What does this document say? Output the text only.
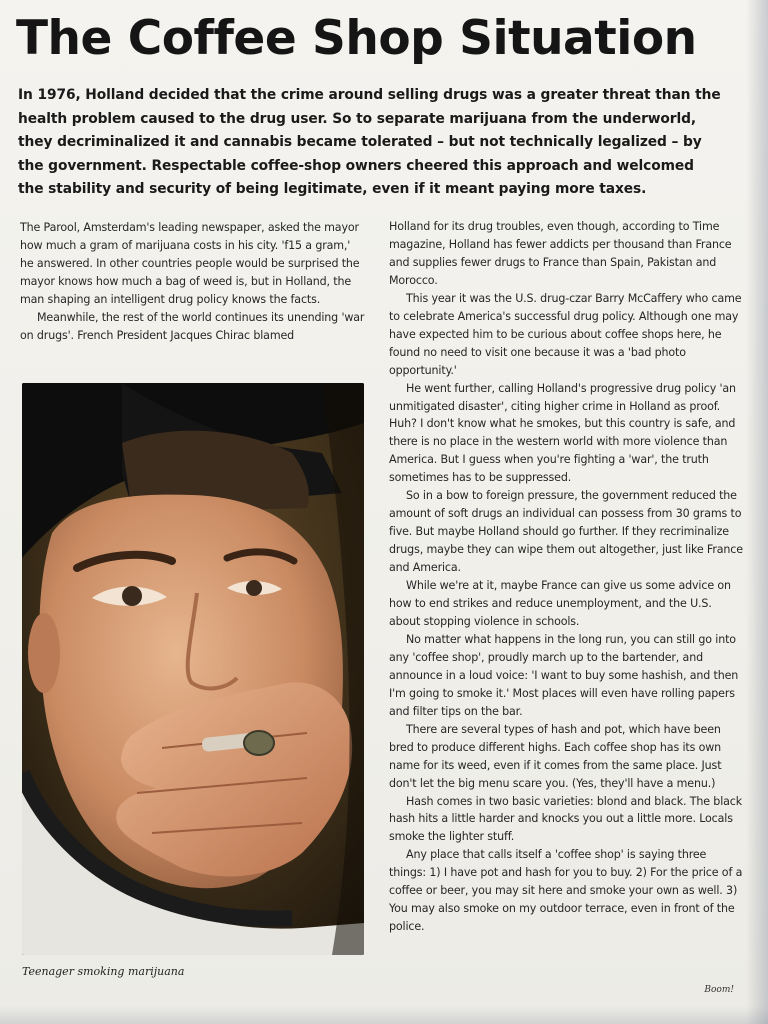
The Coffee Shop Situation

In 1976, Holland decided that the crime around selling drugs was a greater threat than the health problem caused to the drug user. So to separate marijuana from the underworld, they decriminalized it and cannabis became tolerated – but not technically legalized – by the government. Respectable coffee-shop owners cheered this approach and welcomed the stability and security of being legitimate, even if it meant paying more taxes.

The Parool, Amsterdam's leading newspaper, asked the mayor how much a gram of marijuana costs in his city. 'f15 a gram,' he answered. In other countries people would be surprised the mayor knows how much a bag of weed is, but in Holland, the man shaping an intelligent drug policy knows the facts.

Meanwhile, the rest of the world continues its unending 'war on drugs'. French President Jacques Chirac blamed

Teenager smoking marijuana

Holland for its drug troubles, even though, according to Time magazine, Holland has fewer addicts per thousand than France and supplies fewer drugs to France than Spain, Pakistan and Morocco.

This year it was the U.S. drug-czar Barry McCaffery who came to celebrate America's successful drug policy. Although one may have expected him to be curious about coffee shops here, he found no need to visit one because it was a 'bad photo opportunity.'

He went further, calling Holland's progressive drug policy 'an unmitigated disaster', citing higher crime in Holland as proof. Huh? I don't know what he smokes, but this country is safe, and there is no place in the western world with more violence than America. But I guess when you're fighting a 'war', the truth sometimes has to be suppressed.

So in a bow to foreign pressure, the government reduced the amount of soft drugs an individual can possess from 30 grams to five. But maybe Holland should go further. If they recriminalize drugs, maybe they can wipe them out altogether, just like France and America.

While we're at it, maybe France can give us some advice on how to end strikes and reduce unemployment, and the U.S. about stopping violence in schools.

No matter what happens in the long run, you can still go into any 'coffee shop', proudly march up to the bartender, and announce in a loud voice: 'I want to buy some hashish, and then I'm going to smoke it.' Most places will even have rolling papers and filter tips on the bar.

There are several types of hash and pot, which have been bred to produce different highs. Each coffee shop has its own name for its weed, even if it comes from the same place. Just don't let the big menu scare you. (Yes, they'll have a menu.)

Hash comes in two basic varieties: blond and black. The black hash hits a little harder and knocks you out a little more. Locals smoke the lighter stuff.

Any place that calls itself a 'coffee shop' is saying three things: 1) I have pot and hash for you to buy. 2) For the price of a coffee or beer, you may sit here and smoke your own as well. 3) You may also smoke on my outdoor terrace, even in front of the police.

Boom!
